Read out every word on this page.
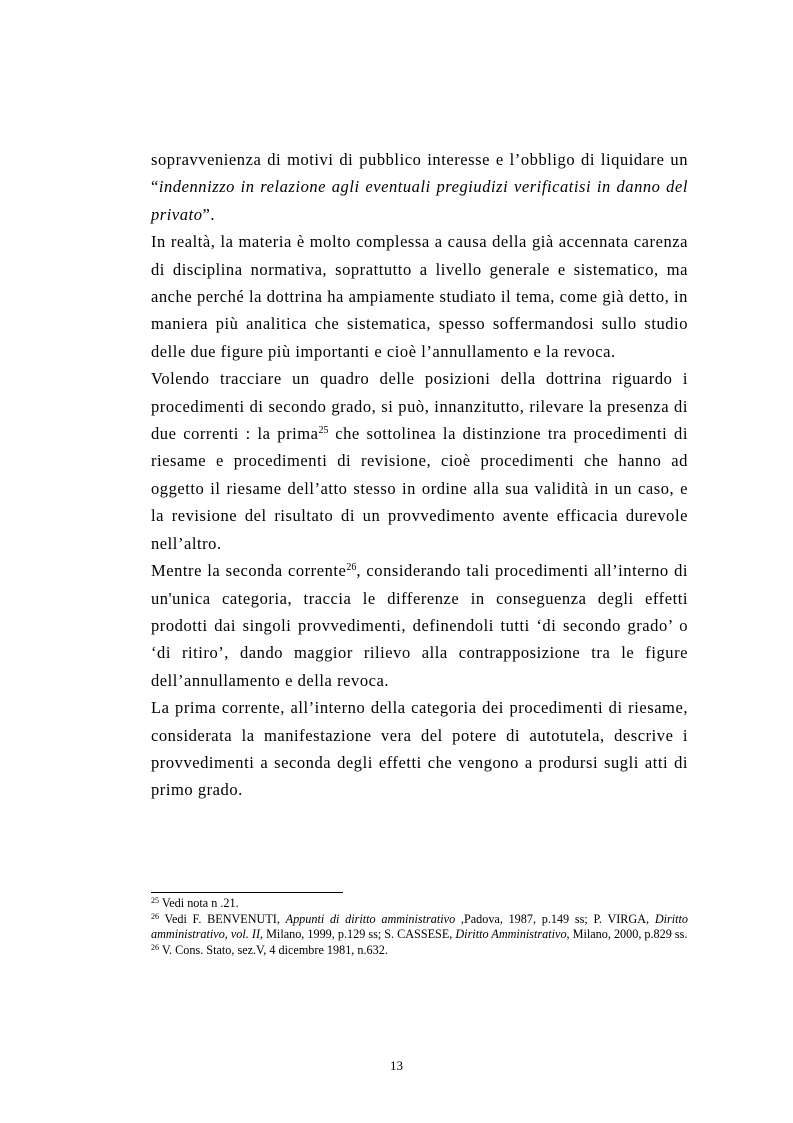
sopravvenienza di motivi di pubblico interesse e l’obbligo di liquidare un “indennizzo in relazione agli eventuali pregiudizi verificatisi in danno del privato”.

In realtà, la materia è molto complessa a causa della già accennata carenza di disciplina normativa, soprattutto a livello generale e sistematico, ma anche perché la dottrina ha ampiamente studiato il tema, come già detto, in maniera più analitica che sistematica, spesso soffermandosi sullo studio delle due figure più importanti e cioè l’annullamento e la revoca.

Volendo tracciare un quadro delle posizioni della dottrina riguardo i procedimenti di secondo grado, si può, innanzitutto, rilevare la presenza di due correnti : la prima$^{25}$ che sottolinea la distinzione tra procedimenti di riesame e procedimenti di revisione, cioè procedimenti che hanno ad oggetto il riesame dell’atto stesso in ordine alla sua validità in un caso, e la revisione del risultato di un provvedimento avente efficacia durevole nell’altro.

Mentre la seconda corrente$^{26}$, considerando tali procedimenti all’interno di un'unica categoria, traccia le differenze in conseguenza degli effetti prodotti dai singoli provvedimenti, definendoli tutti ‘di secondo grado’ o ‘di ritiro’, dando maggior rilievo alla contrapposizione tra le figure dell’annullamento e della revoca.

La prima corrente, all’interno della categoria dei procedimenti di riesame, considerata la manifestazione vera del potere di autotutela, descrive i provvedimenti a seconda degli effetti che vengono a prodursi sugli atti di primo grado.

$^{25}$ Vedi nota n .21.

$^{26}$ Vedi F. BENVENUTI, Appunti di diritto amministrativo ,Padova, 1987, p.149 ss; P. VIRGA, Diritto amministrativo, vol. II, Milano, 1999, p.129 ss; S. CASSESE, Diritto Amministrativo, Milano, 2000, p.829 ss.

$^{26}$ V. Cons. Stato, sez.V, 4 dicembre 1981, n.632.

13
